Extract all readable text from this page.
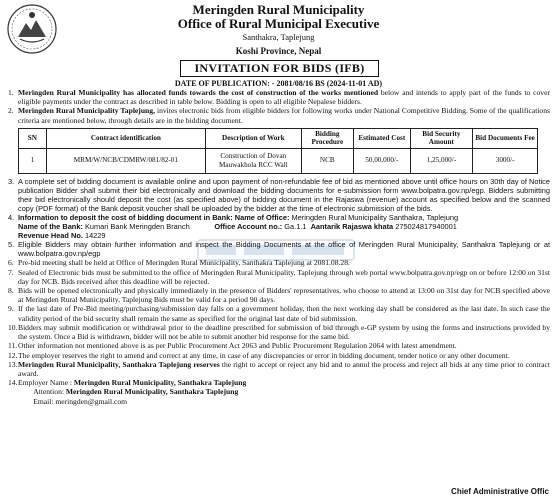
Meringden Rural Municipality
Office of Rural Municipal Executive
Santhakra, Taplejung
Koshi Province, Nepal
INVITATION FOR BIDS (IFB)
DATE OF PUBLICATION: - 2081/08/16 BS (2024-11-01 AD)
1. Meringden Rural Municipality has allocated funds towards the cost of construction of the works mentioned below and intends to apply part of the funds to cover eligible payments under the contract as described in table below. Bidding is open to all eligible Nepalese bidders.
2. Meringden Rural Municipality Taplejung, invites electronic bids from eligible bidders for following works under National Competitive Bidding. Some of the qualifications criteria are mentioned below, through details are in the bidding document.
SN	Contract identification	Description of Work	Bidding Procedure	Estimated Cost	Bid Security Amount	Bid Documents Fee
1	MRM/W/NCB/CDMRW/081/82-01	Construction of Dovan Mauwakhola RCC Wall	NCB	50,00,000/-	1,25,000/-	3000/-
3. A complete set of bidding document is available online and upon payment of non-refundable fee of bid as mentioned above until office hours on 30th day of Notice publication Bidder shall submit their bid electronically and download the bidding documents for e-submission form www.bolpatra.gov.np/egp. Bidders submitting their bid electronically should deposit the cost (as specified above) of bidding document in the Rajaswa (revenue) account as specified below and the scanned copy (PDF format) of the Bank deposit voucher shall be uploaded by the bidder at the time of electronic submission of the bids.
4. Information to deposit the cost of bidding document in Bank: Name of Office: Meringden Rural Municipality Santhakra, Taplejung
Name of the Bank: Kumari Bank Meringden Branch	Office Account no.: Ga.1.1 Aantarik Rajaswa khata 275024817940001
Revenue Head No. 14229
5. Eligible Bidders may obtain further information and inspect the Bidding Documents at the office of Meringden Rural Municipality, Santhakra Taplejung or at www.bolpatra.gov.np/egp
6. Pre-bid meeting shall be held at Office of Meringden Rural Municipality, Santhakra Taplejung at 2081.08.28.
7. Sealed of Electronic bids must be submitted to the office of Meringden Rural Municipality, Taplejung through web portal www.bolpatra.gov.np/egp on or before 12:00 on 31st day for NCB. Bids received after this deadline will be rejected.
8. Bids will be opened electronically and physically immediately in the presence of Bidders' representatives, who choose to attend at 13:00 on 31st day for NCB specified above at Meringden Rural Municipality, Taplejung Bids must be valid for a period 90 days.
9. If the last date of Pre-Bid meeting/purchasing/submission day falls on a government holiday, then the next working day shall be considered as the last date. In such case the validity period of the bid security shall remain the same as specified for the original last date of bid submission.
10. Bidders may submit modification or withdrawal prior to the deadline prescribed for submission of bid through e-GP system by using the forms and instructions provided by the system. Once a Bid is withdrawn, bidder will not be able to submit another bid response for the same bid.
11. Other information not mentioned above is as per Public Procurement Act 2063 and Public Procurement Regulation 2064 with latest amendment.
12. The employer reserves the right to amend and correct at any time, in case of any discrepancies or error in bidding document, tender notice or any other document.
13. Meringden Rural Municipality, Santhakra Taplejung reserves the right to accept or reject any bid and to annul the process and reject all bids at any time prior to contract award.
14. Employer Name : Meringden Rural Municipality, Santhakra Taplejung
Attention: Meringden Rural Municipality, Santhakra Taplejung
Email: meringden@gmail.com
Chief Administrative Offic
